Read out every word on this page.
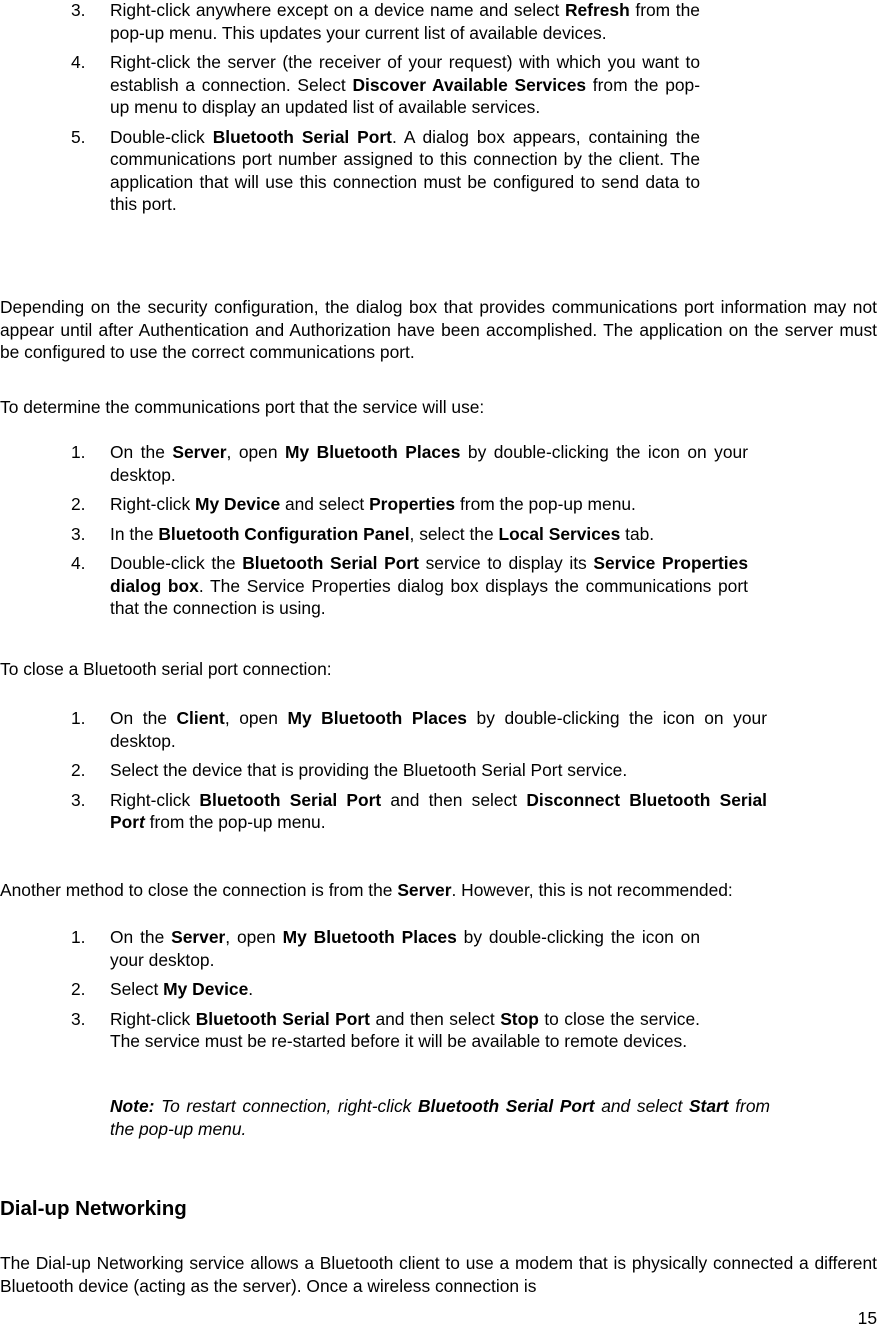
3.	Right-click anywhere except on a device name and select Refresh from the pop-up menu. This updates your current list of available devices.
4.	Right-click the server (the receiver of your request) with which you want to establish a connection. Select Discover Available Services from the pop-up menu to display an updated list of available services.
5.	Double-click Bluetooth Serial Port. A dialog box appears, containing the communications port number assigned to this connection by the client. The application that will use this connection must be configured to send data to this port.

Depending on the security configuration, the dialog box that provides communications port information may not appear until after Authentication and Authorization have been accomplished. The application on the server must be configured to use the correct communications port.

To determine the communications port that the service will use:

1.	On the Server, open My Bluetooth Places by double-clicking the icon on your desktop.
2.	Right-click My Device and select Properties from the pop-up menu.
3.	In the Bluetooth Configuration Panel, select the Local Services tab.
4.	Double-click the Bluetooth Serial Port service to display its Service Properties dialog box. The Service Properties dialog box displays the communications port that the connection is using.

To close a Bluetooth serial port connection:

1.	On the Client, open My Bluetooth Places by double-clicking the icon on your desktop.
2.	Select the device that is providing the Bluetooth Serial Port service.
3.	Right-click Bluetooth Serial Port and then select Disconnect Bluetooth Serial Port from the pop-up menu.

Another method to close the connection is from the Server. However, this is not recommended:

1.	On the Server, open My Bluetooth Places by double-clicking the icon on your desktop.
2.	Select My Device.
3.	Right-click Bluetooth Serial Port and then select Stop to close the service. The service must be re-started before it will be available to remote devices.

Note: To restart connection, right-click Bluetooth Serial Port and select Start from the pop-up menu.

Dial-up Networking

The Dial-up Networking service allows a Bluetooth client to use a modem that is physically connected a different Bluetooth device (acting as the server). Once a wireless connection is

15
